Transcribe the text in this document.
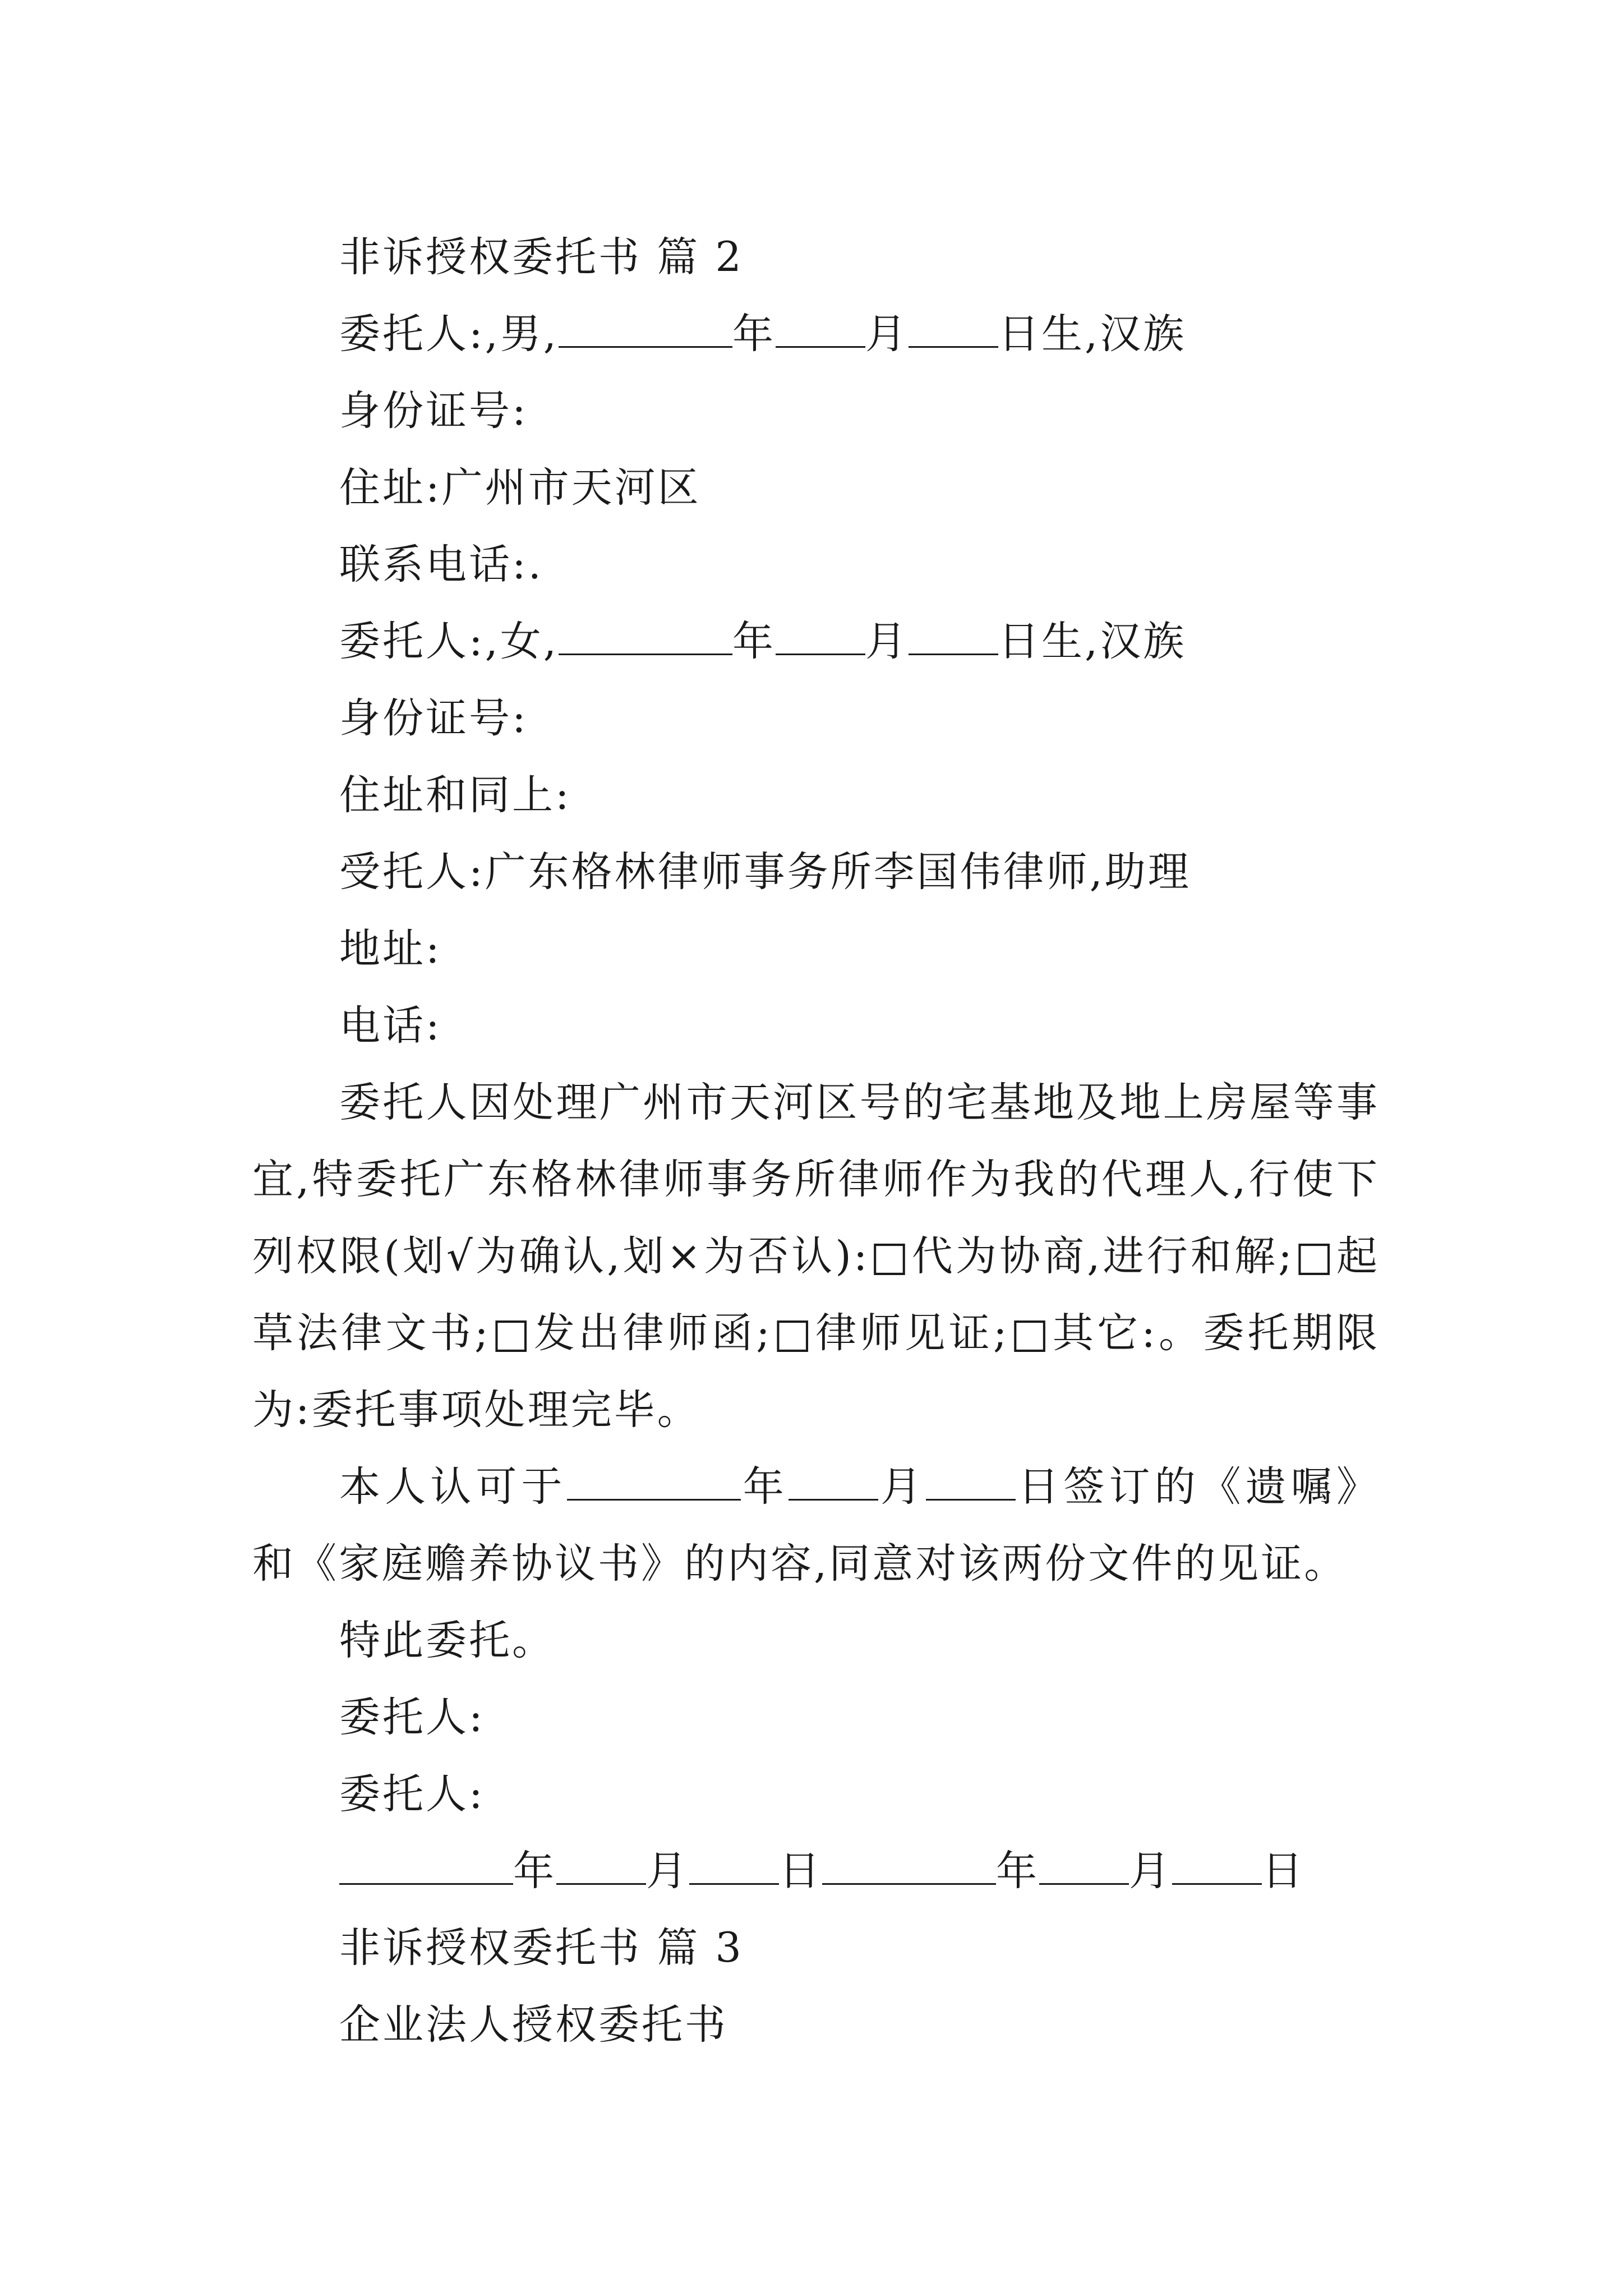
非诉授权委托书 篇 2
委托人:,男,	年 月 日生,汉族
身份证号:
住址:广州市天河区
联系电话:.
委托人:,女,	年 月 日生,汉族
身份证号:
住址和同上:
受托人:广东格林律师事务所李国伟律师,助理
地址:
电话:
委托人因处理广州市天河区号的宅基地及地上房屋等事宜,特委托广东格林律师事务所律师作为我的代理人,行使下列权限(划√为确认,划×为否认):□代为协商,进行和解;□起草法律文书;□发出律师函;□律师见证;□其它:。委托期限为:委托事项处理完毕。
本人认可于	年 月 日签订的《遗嘱》和《家庭赡养协议书》的内容,同意对该两份文件的见证。
特此委托。
委托人:
委托人:
年 月 日	年 月 日
非诉授权委托书 篇 3
企业法人授权委托书
